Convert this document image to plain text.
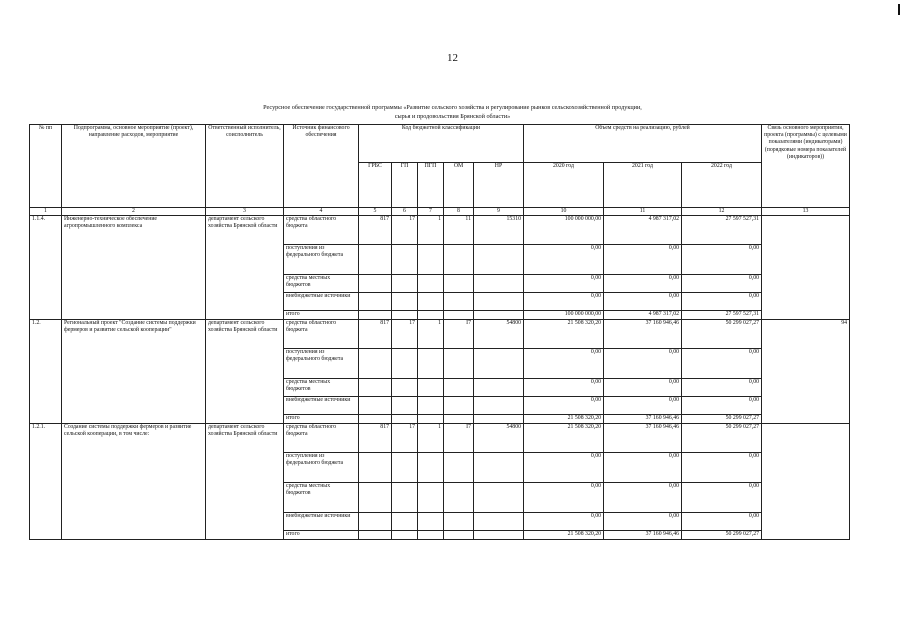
12
Ресурсное обеспечение государственной программы «Развитие сельского хозяйства и регулирование рынков сельскохозяйственной продукции,
сырья и продовольствия Брянской области»
№ пп	Подпрограмма, основное мероприятие (проект), направление расходов, мероприятие	Ответственный исполнитель, соисполнитель	Источник финансового обеспечения	Код бюджетной классификации					Объем средств на реализацию, рублей			Связь основного мероприятия, проекта (программы) с целевыми показателями (индикаторами) (порядковые номера показателей (индикаторов))
				ГРБС	ГП	ПГП	ОМ	НР	2020 год	2021 год	2022 год	
1	2	3	4	5	6	7	8	9	10	11	12	13
1.1.4.	Инженерно-техническое обеспечение агропромышленного комплекса	департамент сельского хозяйства Брянской области	средства областного бюджета	817	17	1	11	15310	100 000 000,00	4 987 317,02	27 597 527,31	
			поступления из федерального бюджета						0,00	0,00	0,00	
			средства местных бюджетов						0,00	0,00	0,00	
			внебюджетные источники						0,00	0,00	0,00	
			итого						100 000 000,00	4 987 317,02	27 597 527,31	
1.2.	Региональный проект "Создание системы поддержки фермеров и развитие сельской кооперации"	департамент сельского хозяйства Брянской области	средства областного бюджета	817	17	1	I7	54800	21 508 320,20	37 160 946,46	50 299 027,27	94
			поступления из федерального бюджета						0,00	0,00	0,00	
			средства местных бюджетов						0,00	0,00	0,00	
			внебюджетные источники						0,00	0,00	0,00	
			итого						21 508 320,20	37 160 946,46	50 299 027,27	
1.2.1.	Создание системы поддержки фермеров и развитие сельской кооперации, в том числе:	департамент сельского хозяйства Брянской области	средства областного бюджета	817	17	1	I7	54800	21 508 320,20	37 160 946,46	50 299 027,27	
			поступления из федерального бюджета						0,00	0,00	0,00	
			средства местных бюджетов						0,00	0,00	0,00	
			внебюджетные источники						0,00	0,00	0,00	
			итого						21 508 320,20	37 160 946,46	50 299 027,27	
